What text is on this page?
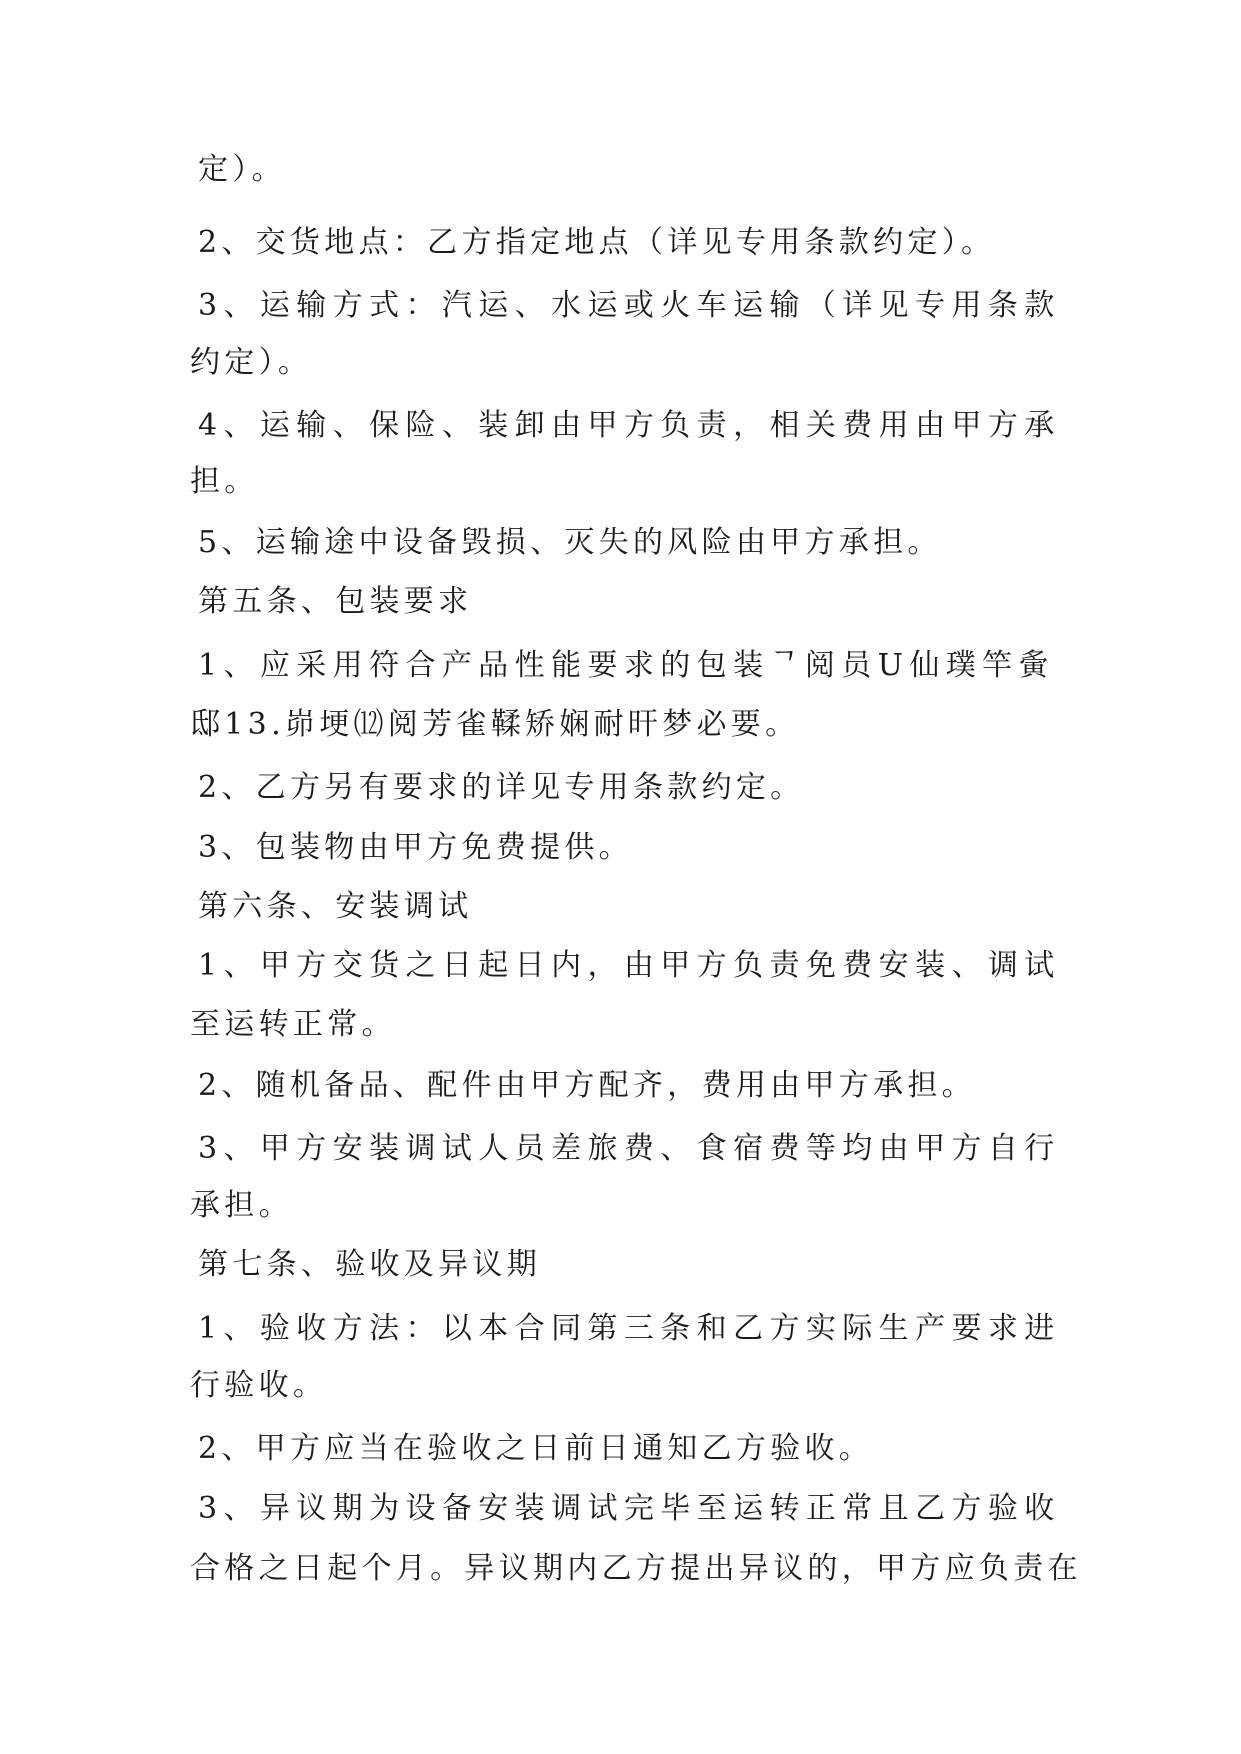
定）。

2、交货地点：乙方指定地点（详见专用条款约定）。

3、运输方式：汽运、水运或火车运输（详见专用条款

约定）。

4、运输、保险、装卸由甲方负责，相关费用由甲方承

担。

5、运输途中设备毁损、灭失的风险由甲方承担。

第五条、包装要求

1、应采用符合产品性能要求的包装ᄀ阅员U仙璞竿夤

邸13.峁埂⑿阅芳雀鞣矫娴耐旰梦必要。

2、乙方另有要求的详见专用条款约定。

3、包装物由甲方免费提供。

第六条、安装调试

1、甲方交货之日起日内，由甲方负责免费安装、调试

至运转正常。

2、随机备品、配件由甲方配齐，费用由甲方承担。

3、甲方安装调试人员差旅费、食宿费等均由甲方自行

承担。

第七条、验收及异议期

1、验收方法：以本合同第三条和乙方实际生产要求进

行验收。

2、甲方应当在验收之日前日通知乙方验收。

3、异议期为设备安装调试完毕至运转正常且乙方验收

合格之日起个月。异议期内乙方提出异议的，甲方应负责在
